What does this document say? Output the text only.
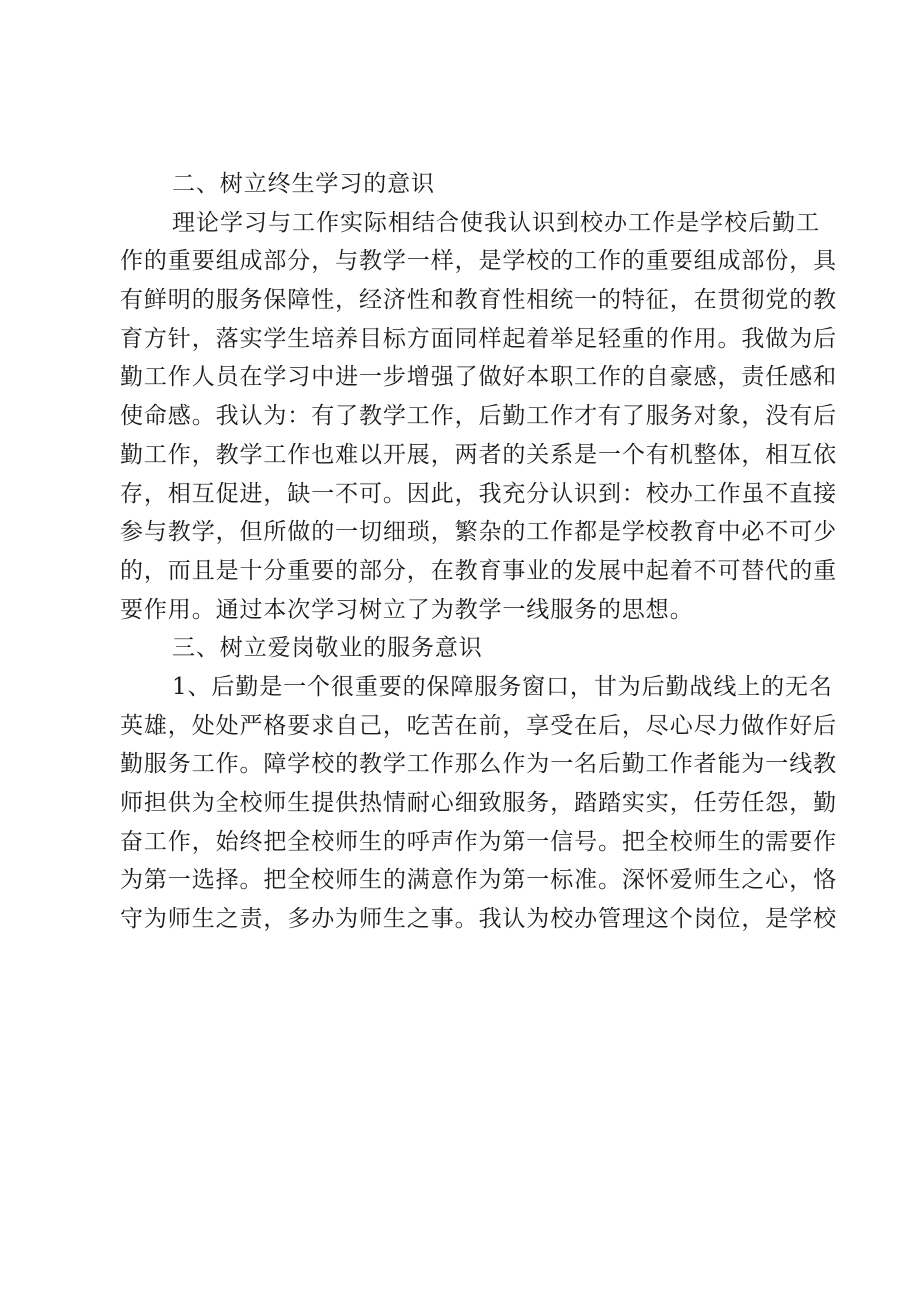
二、树立终生学习的意识
理论学习与工作实际相结合使我认识到校办工作是学校后勤工
作的重要组成部分，与教学一样，是学校的工作的重要组成部份，具
有鲜明的服务保障性，经济性和教育性相统一的特征，在贯彻党的教
育方针，落实学生培养目标方面同样起着举足轻重的作用。我做为后
勤工作人员在学习中进一步增强了做好本职工作的自豪感，责任感和
使命感。我认为：有了教学工作，后勤工作才有了服务对象，没有后
勤工作，教学工作也难以开展，两者的关系是一个有机整体，相互依
存，相互促进，缺一不可。因此，我充分认识到：校办工作虽不直接
参与教学，但所做的一切细琐，繁杂的工作都是学校教育中必不可少
的，而且是十分重要的部分，在教育事业的发展中起着不可替代的重
要作用。通过本次学习树立了为教学一线服务的思想。
三、树立爱岗敬业的服务意识
1、后勤是一个很重要的保障服务窗口，甘为后勤战线上的无名
英雄，处处严格要求自己，吃苦在前，享受在后，尽心尽力做作好后
勤服务工作。障学校的教学工作那么作为一名后勤工作者能为一线教
师担供为全校师生提供热情耐心细致服务，踏踏实实，任劳任怨，勤
奋工作，始终把全校师生的呼声作为第一信号。把全校师生的需要作
为第一选择。把全校师生的满意作为第一标准。深怀爱师生之心，恪
守为师生之责，多办为师生之事。我认为校办管理这个岗位，是学校
